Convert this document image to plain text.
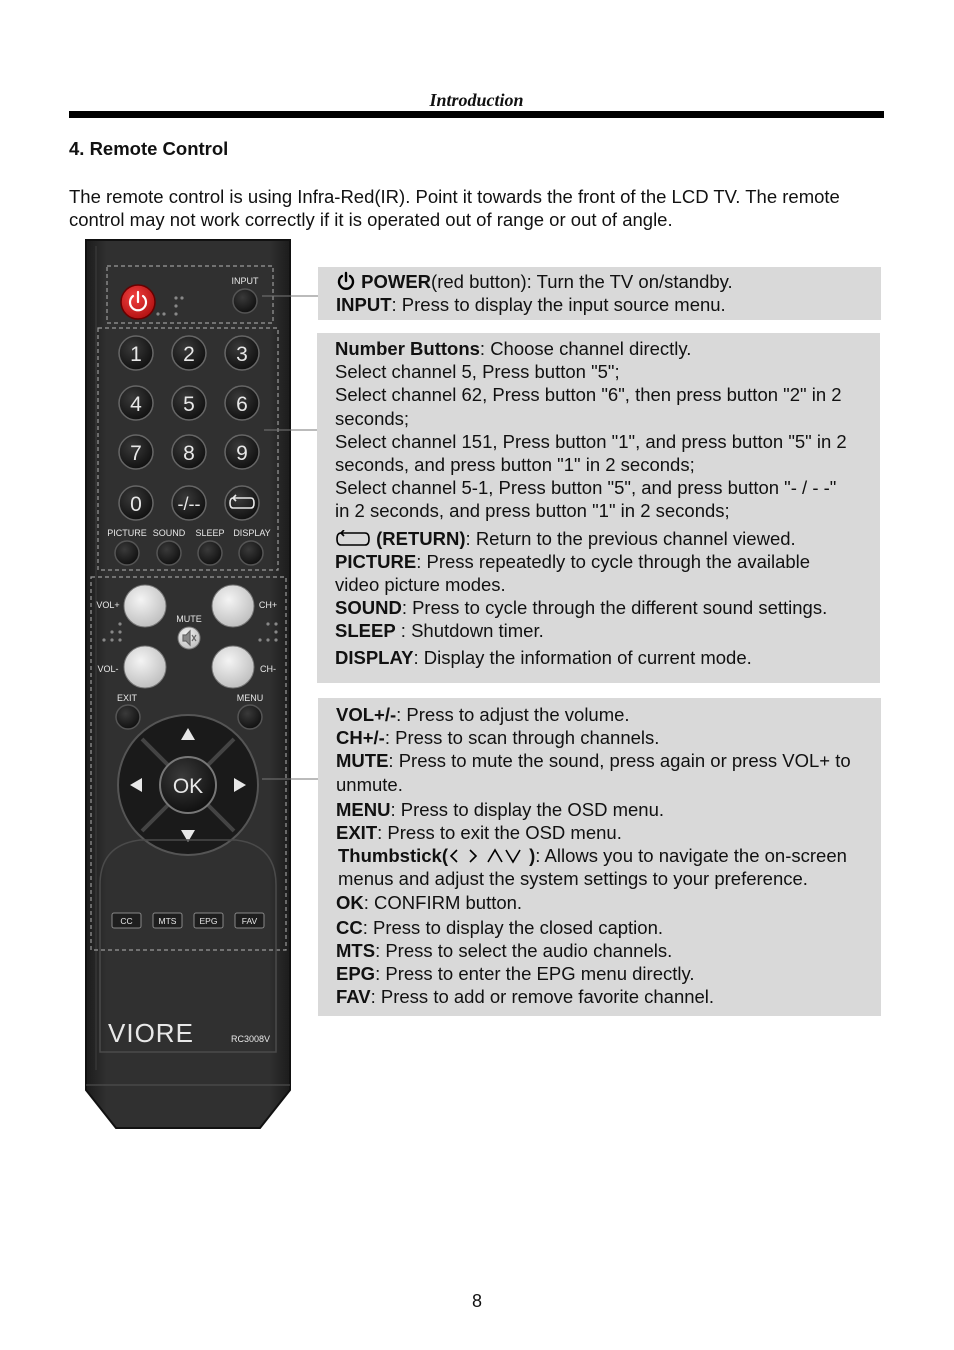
Introduction
4. Remote Control
The remote control is using Infra-Red(IR). Point it towards the front of the LCD TV. The remote control may not work correctly if it is operated out of range or out of angle.
INPUT
1 2 3
4 5 6
7 8 9
0 -/--
PICTURE SOUND SLEEP DISPLAY
VOL+	CH+
MUTE
VOL-	CH-
EXIT	MENU
OK
CC	MTS	EPG	FAV
VIORE	RC3008V

POWER(red button): Turn the TV on/standby.

INPUT: Press to display the input source menu.

Number Buttons: Choose channel directly.

Select channel 5, Press button "5";

Select channel 62, Press button "6", then press button "2" in 2

seconds;

Select channel 151, Press button "1", and press button "5" in 2

seconds, and press button "1" in 2 seconds;

Select channel 5-1, Press button "5", and press button "- / - -"

in 2 seconds, and press button "1" in 2 seconds;

(RETURN): Return to the previous channel viewed.

PICTURE: Press repeatedly to cycle through the available

video picture modes.

SOUND: Press to cycle through the different sound settings.

SLEEP : Shutdown timer.

DISPLAY: Display the information of current mode.

VOL+/-: Press to adjust the volume.

CH+/-: Press to scan through channels.

MUTE: Press to mute the sound, press again or press VOL+ to

unmute.

MENU: Press to display the OSD menu.

EXIT: Press to exit the OSD menu.

Thumbstick(	): Allows you to navigate the on-screen

menus and adjust the system settings to your preference.

OK: CONFIRM button.

CC: Press to display the closed caption.

MTS: Press to select the audio channels.

EPG: Press to enter the EPG menu directly.

FAV: Press to add or remove favorite channel.

8
